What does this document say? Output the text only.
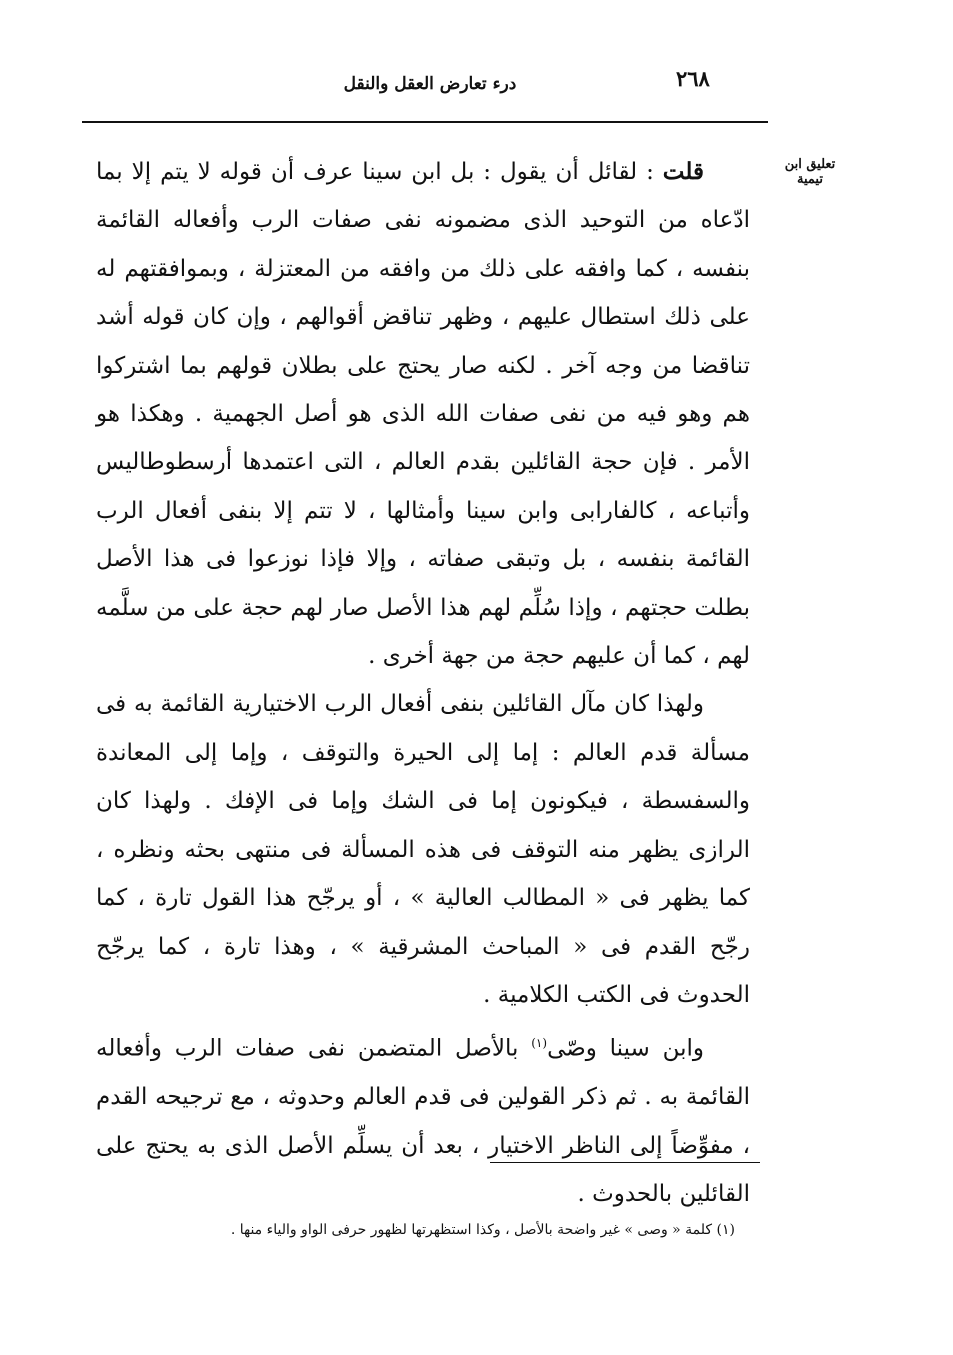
٢٦٨
درء تعارض العقل والنقل
تعليق ابن تيمية

قلت : لقائل أن يقول : بل ابن سينا عرف أن قوله لا يتم إلا بما ادّعاه من التوحيد الذى مضمونه نفى صفات الرب وأفعاله القائمة بنفسه ، كما وافقه على ذلك من وافقه من المعتزلة ، وبموافقتهم له على ذلك استطال عليهم ، وظهر تناقض أقوالهم ، وإن كان قوله أشد تناقضا من وجه آخر . لكنه صار يحتج على بطلان قولهم بما اشتركوا هم وهو فيه من نفى صفات الله الذى هو أصل الجهمية . وهكذا هو الأمر . فإن حجة القائلين بقدم العالم ، التى اعتمدها أرسطوطاليس وأتباعه ، كالفارابى وابن سينا وأمثالها ، لا تتم إلا بنفى أفعال الرب القائمة بنفسه ، بل وتبقى صفاته ، وإلا فإذا نوزعوا فى هذا الأصل بطلت حجتهم ، وإذا سُلِّم لهم هذا الأصل صار لهم حجة على من سلَّمه لهم ، كما أن عليهم حجة من جهة أخرى .

ولهذا كان مآل القائلين بنفى أفعال الرب الاختيارية القائمة به فى مسألة قدم العالم : إما إلى الحيرة والتوقف ، وإما إلى المعاندة والسفسطة ، فيكونون إما فى الشك وإما فى الإفك . ولهذا كان الرازى يظهر منه التوقف فى هذه المسألة فى منتهى بحثه ونظره ، كما يظهر فى « المطالب العالية » ، أو يرجّح هذا القول تارة ، كما رجّح القدم فى « المباحث المشرقية » ، وهذا تارة ، كما يرجّح الحدوث فى الكتب الكلامية .

وابن سينا وصّى$^{(١)}$ بالأصل المتضمن نفى صفات الرب وأفعاله القائمة به . ثم ذكر القولين فى قدم العالم وحدوثه ، مع ترجيحه القدم ، مفوِّضاً إلى الناظر الاختيار ، بعد أن يسلِّم الأصل الذى به يحتج على القائلين بالحدوث .

(١) كلمة « وصى » غير واضحة بالأصل ، وكذا استظهرتها لظهور حرفى الواو والياء منها .
